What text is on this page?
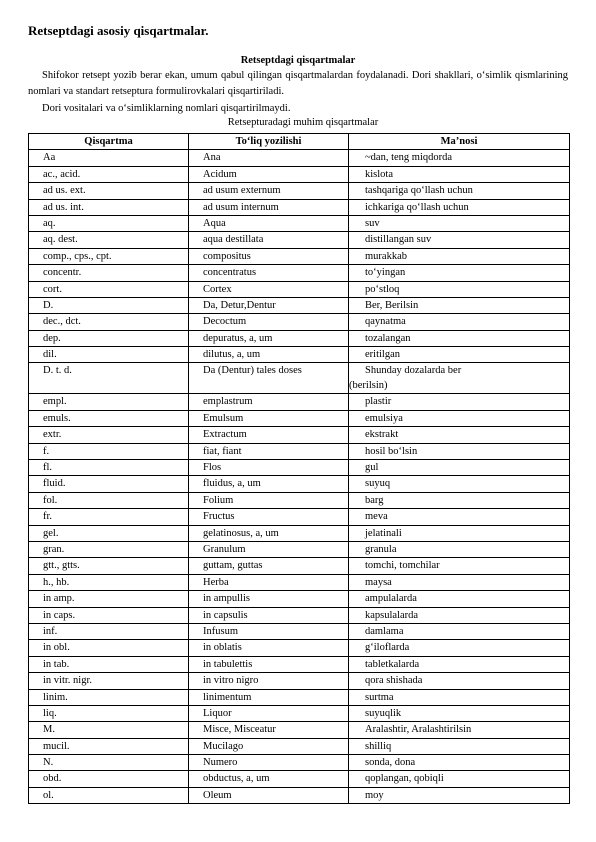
Retseptdagi asosiy qisqartmalar.
Retseptdagi qisqartmalar

Shifokor retsept yozib berar ekan, umum qabul qilingan qisqartmalardan foydalanadi. Dori shakllari, o‘simlik qismlarining nomlari va standart retseptura formulirovkalari qisqartiriladi.

Dori vositalari va o‘simliklarning nomlari qisqartirilmaydi.

Retsepturadagi muhim qisqartmalar
Qisqartma	To‘liq yozilishi	Ma’nosi
Aa	Ana	~dan, teng miqdorda
ac., acid.	Acidum	kislota
ad us. ext.	ad usum externum	tashqariga qo‘llash uchun
ad us. int.	ad usum internum	ichkariga qo‘llash uchun
aq.	Aqua	suv
aq. dest.	aqua destillata	distillangan suv
comp., cps., cpt.	compositus	murakkab
concentr.	concentratus	to‘yingan
cort.	Cortex	po‘stloq
D.	Da, Detur,Dentur	Ber, Berilsin
dec., dct.	Decoctum	qaynatma
dep.	depuratus, a, um	tozalangan
dil.	dilutus, a, um	eritilgan
D. t. d.	Da (Dentur) tales doses	Shunday dozalarda ber
(berilsin)
empl.	emplastrum	plastir
emuls.	Emulsum	emulsiya
extr.	Extractum	ekstrakt
f.	fiat, fiant	hosil bo‘lsin
fl.	Flos	gul
fluid.	fluidus, a, um	suyuq
fol.	Folium	barg
fr.	Fructus	meva
gel.	gelatinosus, a, um	jelatinali
gran.	Granulum	granula
gtt., gtts.	guttam, guttas	tomchi, tomchilar
h., hb.	Herba	maysa
in amp.	in ampullis	ampulalarda
in caps.	in capsulis	kapsulalarda
inf.	Infusum	damlama
in obl.	in oblatis	g‘iloflarda
in tab.	in tabulettis	tabletkalarda
in vitr. nigr.	in vitro nigro	qora shishada
linim.	linimentum	surtma
liq.	Liquor	suyuqlik
M.	Misce, Misceatur	Aralashtir, Aralashtirilsin
mucil.	Mucilago	shilliq
N.	Numero	sonda, dona
obd.	obductus, a, um	qoplangan, qobiqli
ol.	Oleum	moy
